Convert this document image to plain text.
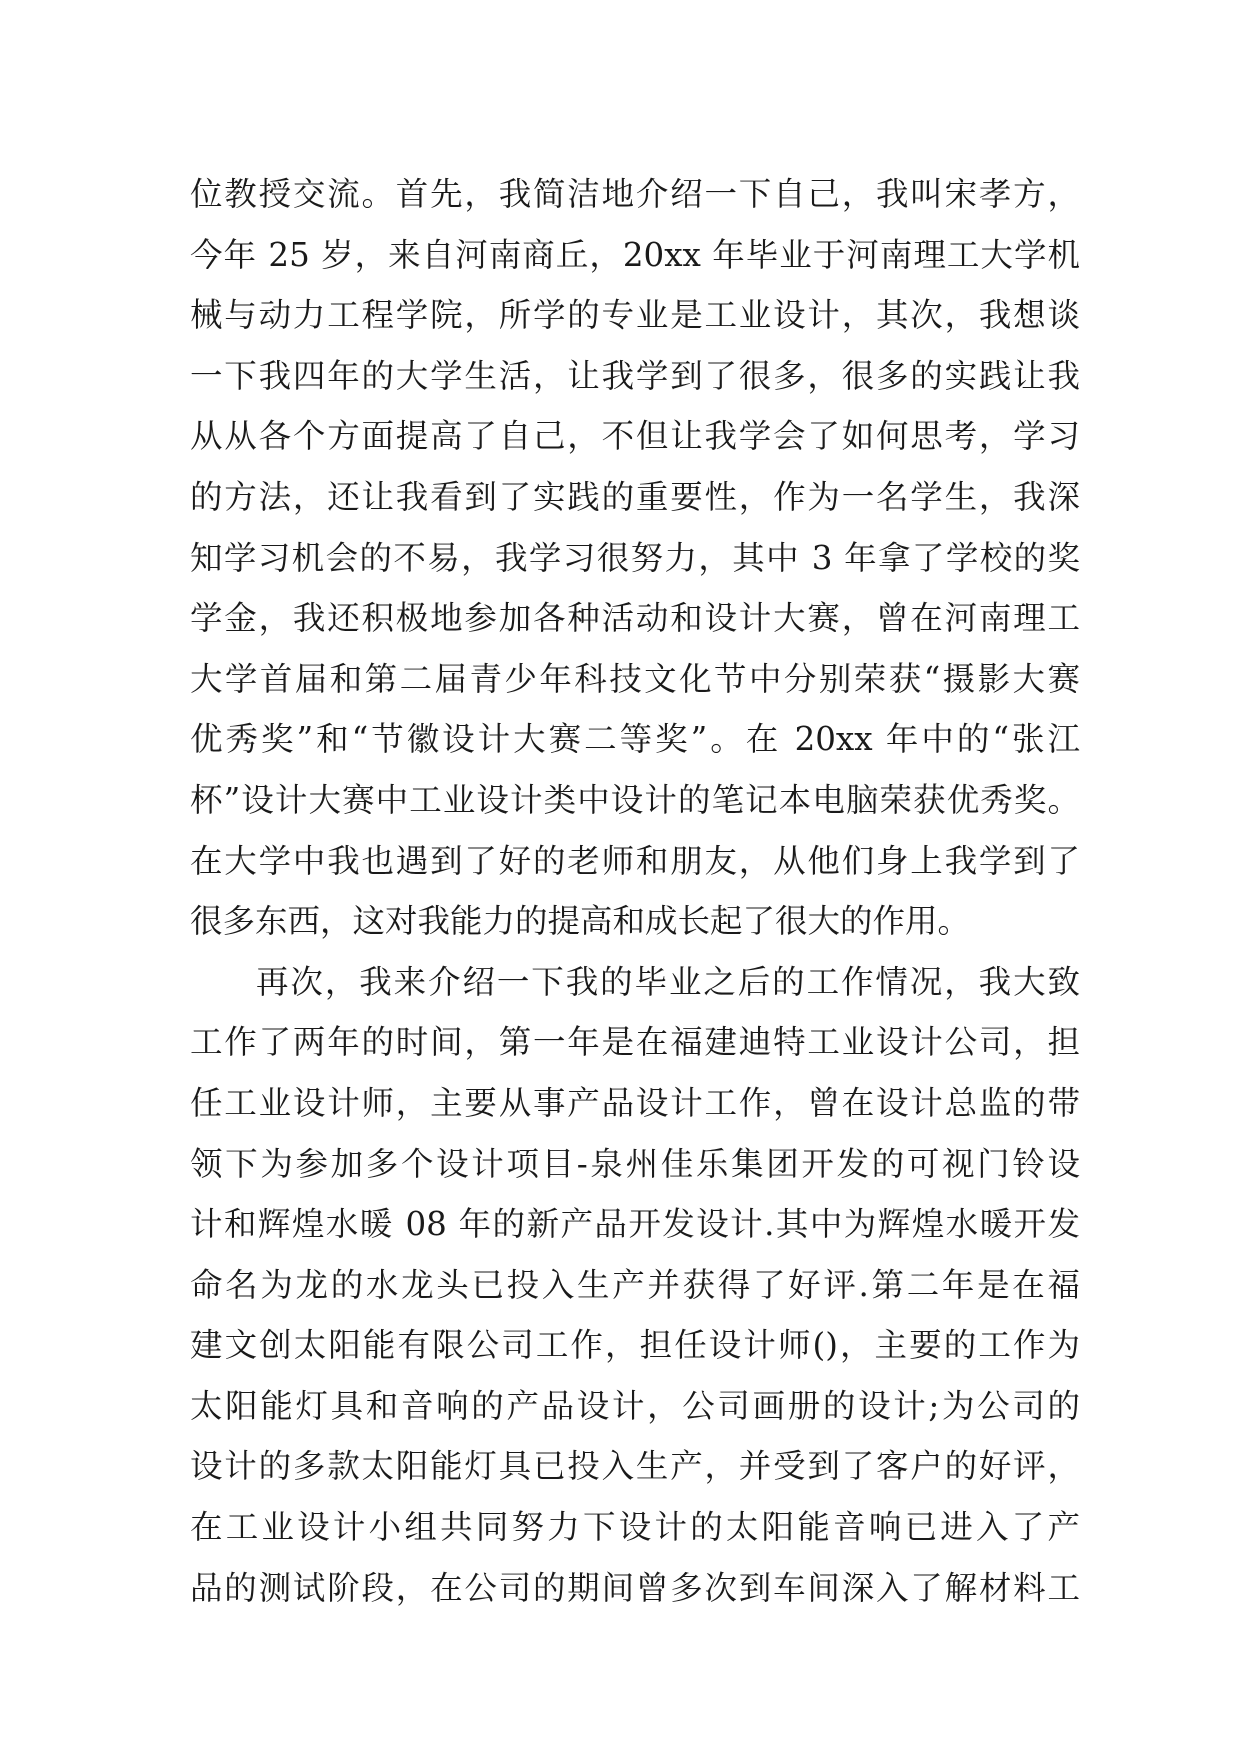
位教授交流。首先，我简洁地介绍一下自己，我叫宋孝方，
今年 25 岁，来自河南商丘，20xx 年毕业于河南理工大学机
械与动力工程学院，所学的专业是工业设计，其次，我想谈
一下我四年的大学生活，让我学到了很多，很多的实践让我
从从各个方面提高了自己，不但让我学会了如何思考，学习
的方法，还让我看到了实践的重要性，作为一名学生，我深
知学习机会的不易，我学习很努力，其中 3 年拿了学校的奖
学金，我还积极地参加各种活动和设计大赛，曾在河南理工
大学首届和第二届青少年科技文化节中分别荣获“摄影大赛
优秀奖”和“节徽设计大赛二等奖”。在 20xx 年中的“张江
杯”设计大赛中工业设计类中设计的笔记本电脑荣获优秀奖。
在大学中我也遇到了好的老师和朋友，从他们身上我学到了
很多东西，这对我能力的提高和成长起了很大的作用。
再次，我来介绍一下我的毕业之后的工作情况，我大致
工作了两年的时间，第一年是在福建迪特工业设计公司，担
任工业设计师，主要从事产品设计工作，曾在设计总监的带
领下为参加多个设计项目-泉州佳乐集团开发的可视门铃设
计和辉煌水暖 08 年的新产品开发设计.其中为辉煌水暖开发
命名为龙的水龙头已投入生产并获得了好评.第二年是在福
建文创太阳能有限公司工作，担任设计师()，主要的工作为
太阳能灯具和音响的产品设计，公司画册的设计;为公司的
设计的多款太阳能灯具已投入生产，并受到了客户的好评，
在工业设计小组共同努力下设计的太阳能音响已进入了产
品的测试阶段，在公司的期间曾多次到车间深入了解材料工
